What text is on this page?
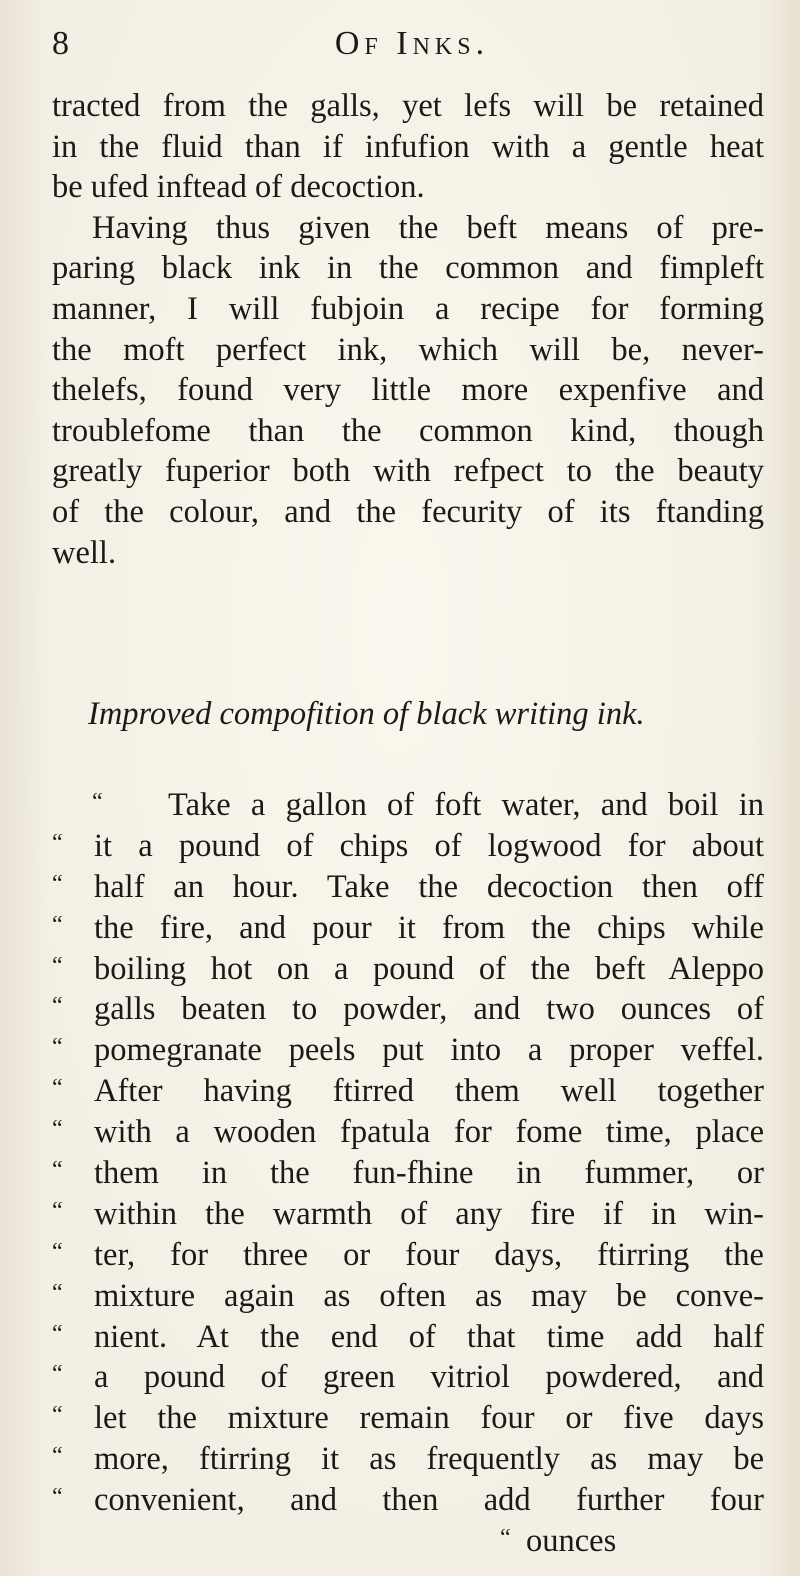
8	Of Inks.
tracted from the galls, yet lefs will be retained
in the fluid than if infufion with a gentle heat
be ufed inftead of decoction.
Having thus given the beft means of pre-
paring black ink in the common and fimpleft
manner, I will fubjoin a recipe for forming
the moft perfect ink, which will be, never-
thelefs, found very little more expenfive and
troublefome than the common kind, though
greatly fuperior both with refpect to the beauty
of the colour, and the fecurity of its ftanding
well.
Improved compofition of black writing ink.
“	Take a gallon of foft water, and boil in
“ it a pound of chips of logwood for about
“ half an hour. Take the decoction then off
“ the fire, and pour it from the chips while
“ boiling hot on a pound of the beft Aleppo
“ galls beaten to powder, and two ounces of
“ pomegranate peels put into a proper veffel.
“ After having ftirred them well together
“ with a wooden fpatula for fome time, place
“ them in the fun-fhine in fummer, or
“ within the warmth of any fire if in win-
“ ter, for three or four days, ftirring the
“ mixture again as often as may be conve-
“ nient. At the end of that time add half
“ a pound of green vitriol powdered, and
“ let the mixture remain four or five days
“ more, ftirring it as frequently as may be
“ convenient, and then add further four
“ ounces
